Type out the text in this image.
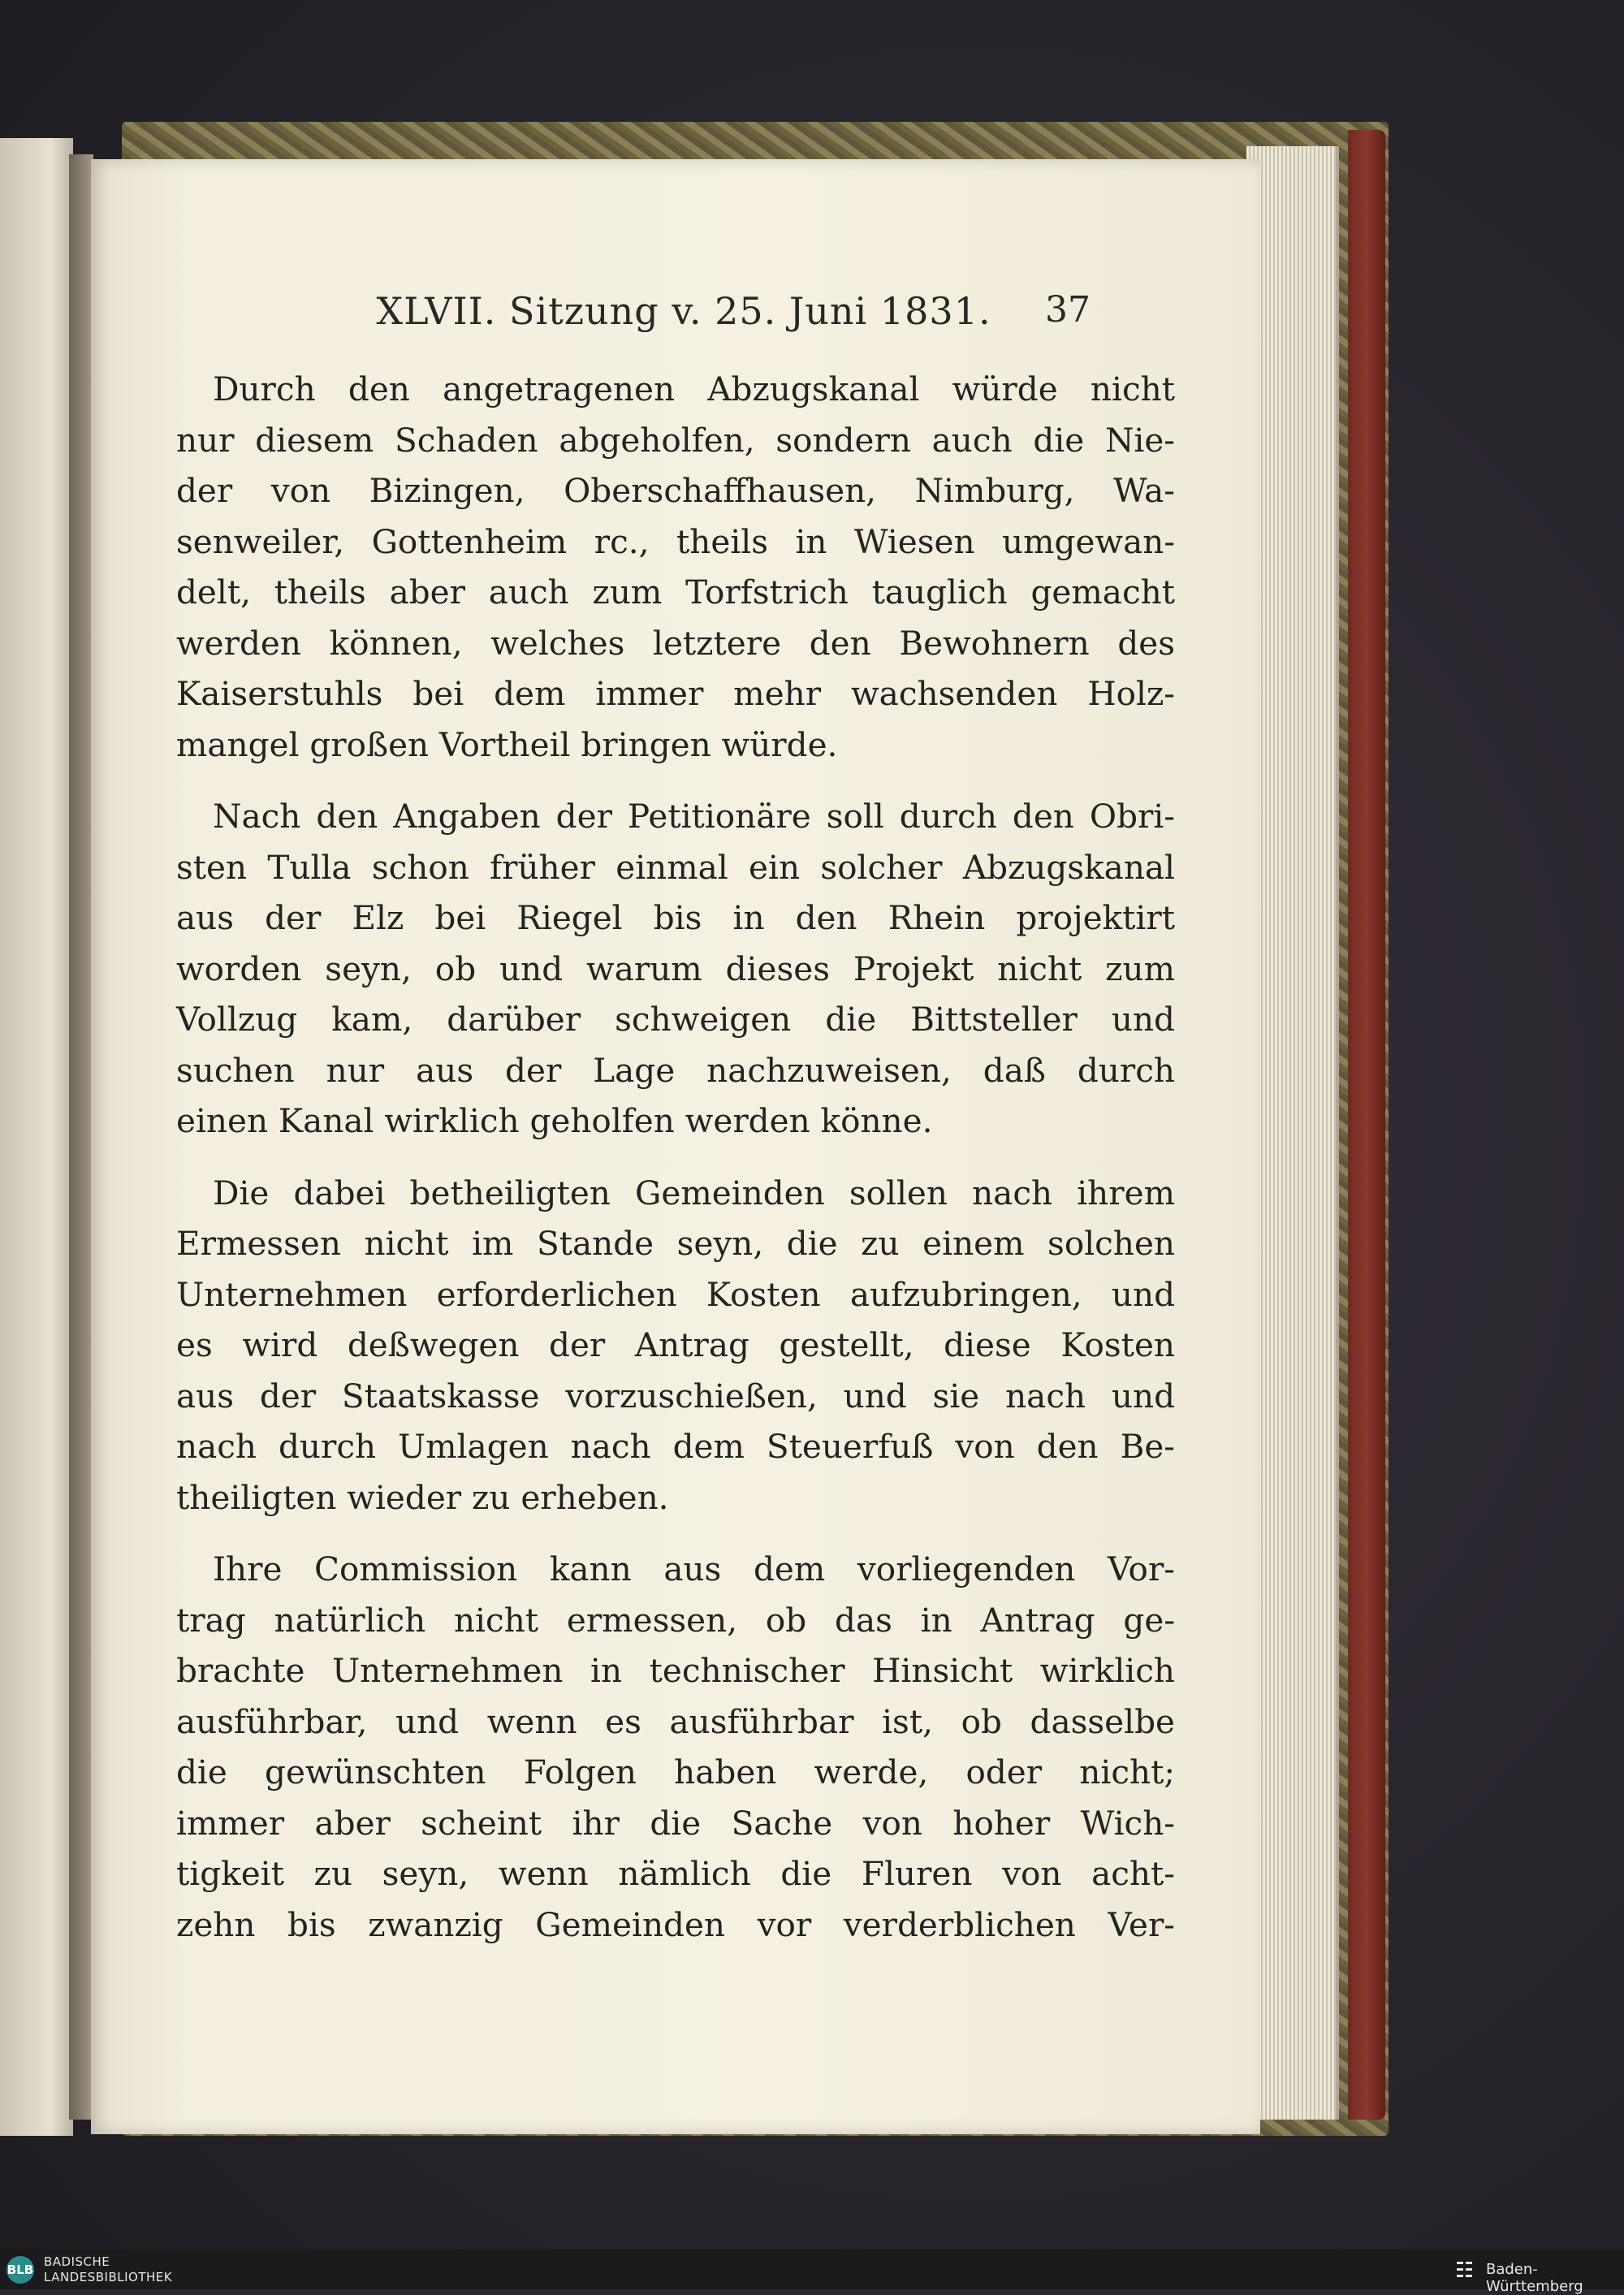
XLVII. Sitzung v. 25. Juni 1831.	37
Durch den angetragenen Abzugskanal würde nicht
nur diesem Schaden abgeholfen, sondern auch die Nie-
der von Bizingen, Oberschaffhausen, Nimburg, Wa-
senweiler, Gottenheim rc., theils in Wiesen umgewan-
delt, theils aber auch zum Torfstrich tauglich gemacht
werden können, welches letztere den Bewohnern des
Kaiserstuhls bei dem immer mehr wachsenden Holz-
mangel großen Vortheil bringen würde.
Nach den Angaben der Petitionäre soll durch den Obri-
sten Tulla schon früher einmal ein solcher Abzugskanal
aus der Elz bei Riegel bis in den Rhein projektirt
worden seyn, ob und warum dieses Projekt nicht zum
Vollzug kam, darüber schweigen die Bittsteller und
suchen nur aus der Lage nachzuweisen, daß durch
einen Kanal wirklich geholfen werden könne.
Die dabei betheiligten Gemeinden sollen nach ihrem
Ermessen nicht im Stande seyn, die zu einem solchen
Unternehmen erforderlichen Kosten aufzubringen, und
es wird deßwegen der Antrag gestellt, diese Kosten
aus der Staatskasse vorzuschießen, und sie nach und
nach durch Umlagen nach dem Steuerfuß von den Be-
theiligten wieder zu erheben.
Ihre Commission kann aus dem vorliegenden Vor-
trag natürlich nicht ermessen, ob das in Antrag ge-
brachte Unternehmen in technischer Hinsicht wirklich
ausführbar, und wenn es ausführbar ist, ob dasselbe
die gewünschten Folgen haben werde, oder nicht;
immer aber scheint ihr die Sache von hoher Wich-
tigkeit zu seyn, wenn nämlich die Fluren von acht-
zehn bis zwanzig Gemeinden vor verderblichen Ver-
BLB
BADISCHE
LANDESBIBLIOTHEK	Baden-Württemberg
